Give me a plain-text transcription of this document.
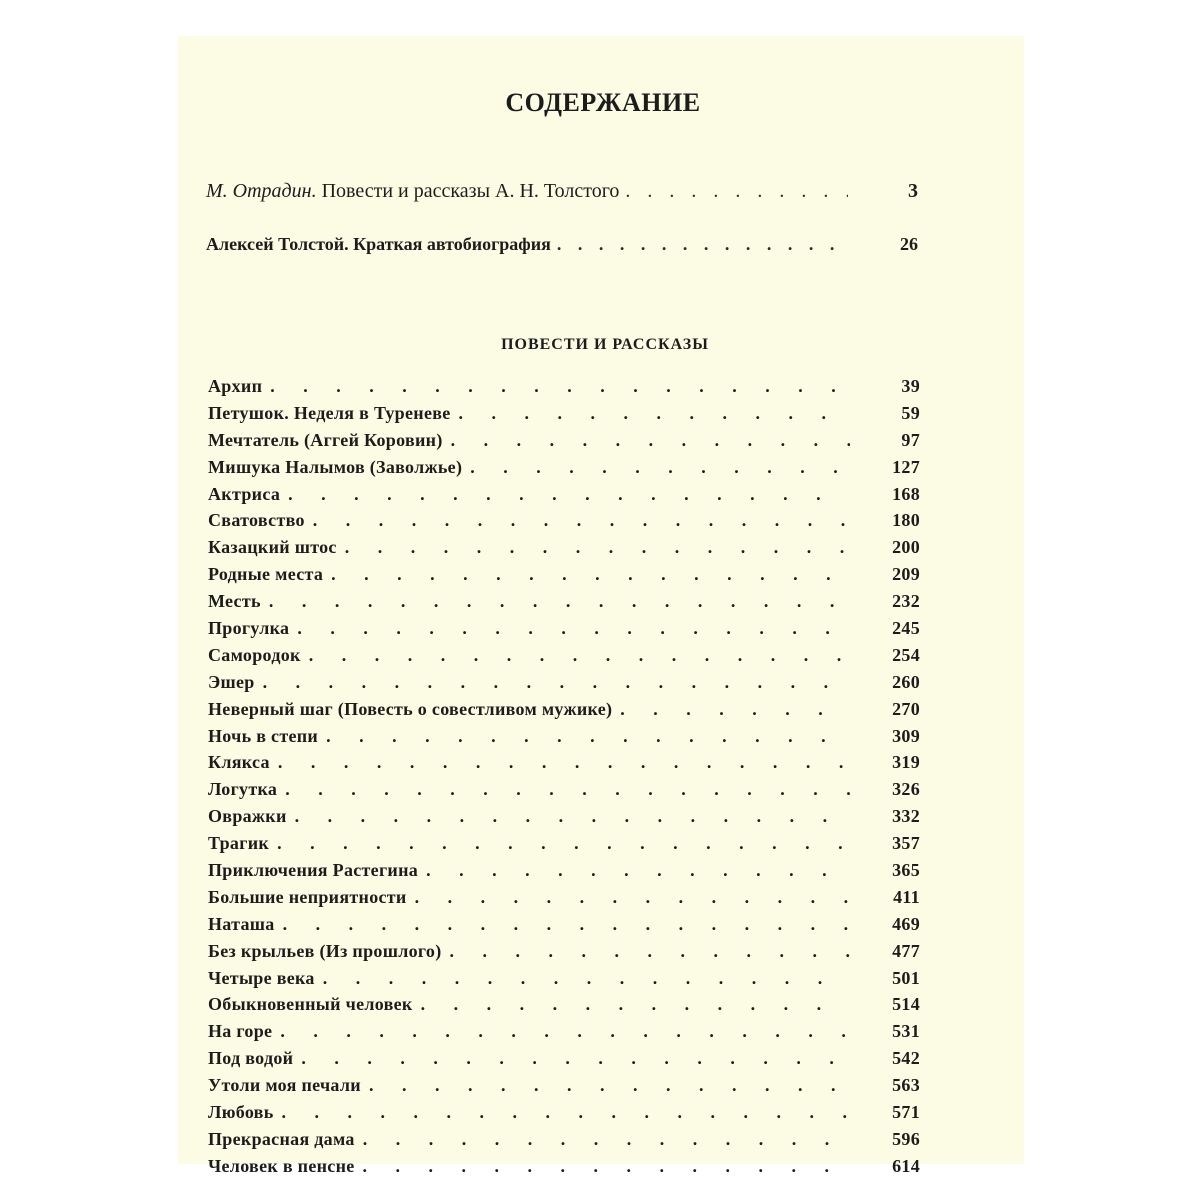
СОДЕРЖАНИЕ
М. Отрадин. Повести и рассказы А. Н. Толстого . . .	3
Алексей Толстой. Краткая автобиография . . .	26
ПОВЕСТИ И РАССКАЗЫ
Архип . . .	39
Петушок. Неделя в Туреневе . . .	59
Мечтатель (Аггей Коровин) . . .	97
Мишука Налымов (Заволжье) . . .	127
Актриса . . .	168
Сватовство . . .	180
Казацкий штос . . .	200
Родные места . . .	209
Месть . . .	232
Прогулка . . .	245
Самородок . . .	254
Эшер . . .	260
Неверный шаг (Повесть о совестливом мужике) . . .	270
Ночь в степи . . .	309
Клякса . . .	319
Логутка . . .	326
Овражки . . .	332
Трагик . . .	357
Приключения Растегина . . .	365
Большие неприятности . . .	411
Наташа . . .	469
Без крыльев (Из прошлого) . . .	477
Четыре века . . .	501
Обыкновенный человек . . .	514
На горе . . .	531
Под водой . . .	542
Утоли моя печали . . .	563
Любовь . . .	571
Прекрасная дама . . .	596
Человек в пенсне . . .	614
